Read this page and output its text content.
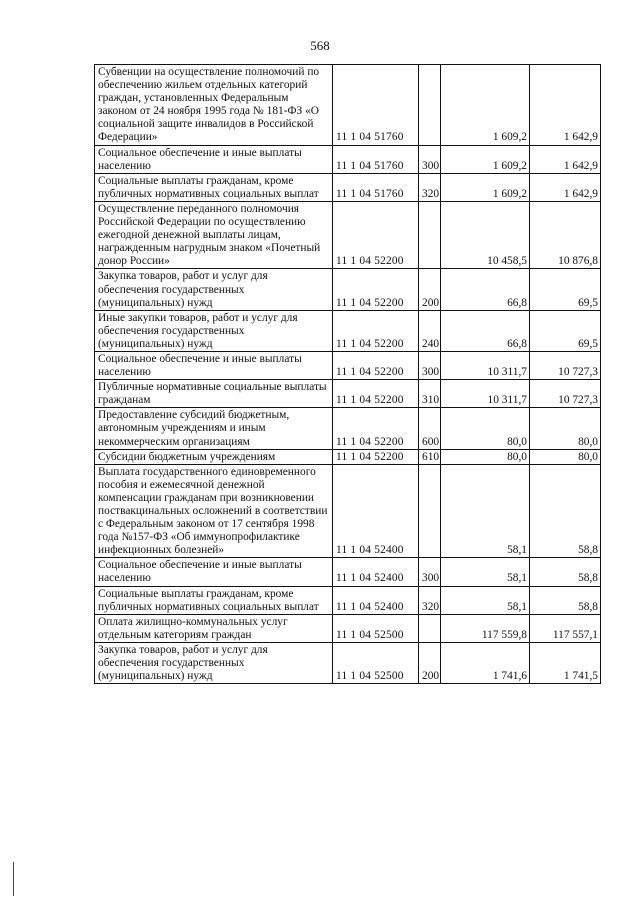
568
Субвенции на осуществление полномочий по обеспечению жильем отдельных категорий граждан, установленных Федеральным законом от 24 ноября 1995 года № 181-ФЗ «О социальной защите инвалидов в Российской Федерации»	11 1 04 51760		1 609,2	1 642,9
Социальное обеспечение и иные выплаты населению	11 1 04 51760	300	1 609,2	1 642,9
Социальные выплаты гражданам, кроме публичных нормативных социальных выплат	11 1 04 51760	320	1 609,2	1 642,9
Осуществление переданного полномочия Российской Федерации по осуществлению ежегодной денежной выплаты лицам, награжденным нагрудным знаком «Почетный донор России»	11 1 04 52200		10 458,5	10 876,8
Закупка товаров, работ и услуг для обеспечения государственных (муниципальных) нужд	11 1 04 52200	200	66,8	69,5
Иные закупки товаров, работ и услуг для обеспечения государственных (муниципальных) нужд	11 1 04 52200	240	66,8	69,5
Социальное обеспечение и иные выплаты населению	11 1 04 52200	300	10 311,7	10 727,3
Публичные нормативные социальные выплаты гражданам	11 1 04 52200	310	10 311,7	10 727,3
Предоставление субсидий бюджетным, автономным учреждениям и иным некоммерческим организациям	11 1 04 52200	600	80,0	80,0
Субсидии бюджетным учреждениям	11 1 04 52200	610	80,0	80,0
Выплата государственного единовременного пособия и ежемесячной денежной компенсации гражданам при возникновении поствакцинальных осложнений в соответствии с Федеральным законом от 17 сентября 1998 года №157-ФЗ «Об иммунопрофилактике инфекционных болезней»	11 1 04 52400		58,1	58,8
Социальное обеспечение и иные выплаты населению	11 1 04 52400	300	58,1	58,8
Социальные выплаты гражданам, кроме публичных нормативных социальных выплат	11 1 04 52400	320	58,1	58,8
Оплата жилищно-коммунальных услуг отдельным категориям граждан	11 1 04 52500		117 559,8	117 557,1
Закупка товаров, работ и услуг для обеспечения государственных (муниципальных) нужд	11 1 04 52500	200	1 741,6	1 741,5
